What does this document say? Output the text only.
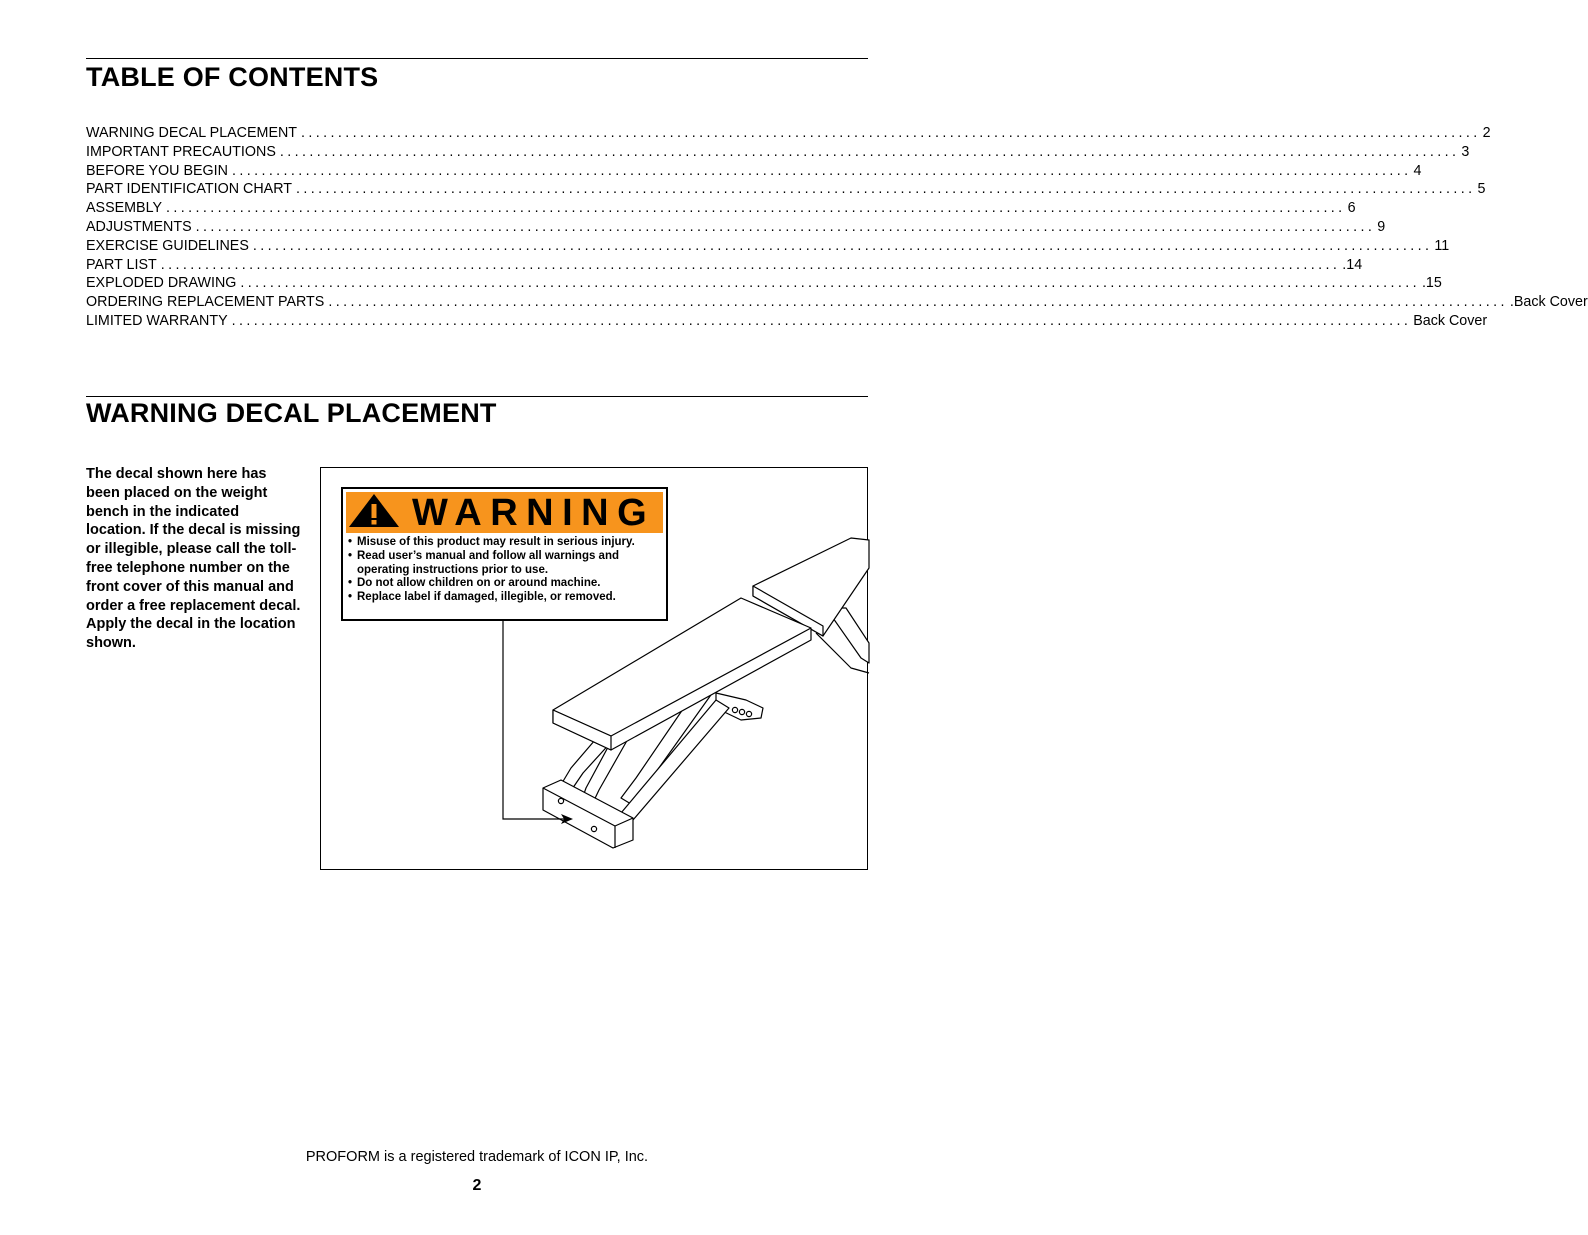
TABLE OF CONTENTS
WARNING DECAL PLACEMENT ................................................................................................................................................................ 2
IMPORTANT PRECAUTIONS ................................................................................................................................................................ 3
BEFORE YOU BEGIN ................................................................................................................................................................ 4
PART IDENTIFICATION CHART ................................................................................................................................................................ 5
ASSEMBLY ................................................................................................................................................................ 6
ADJUSTMENTS ................................................................................................................................................................ 9
EXERCISE GUIDELINES ................................................................................................................................................................ 11
PART LIST ................................................................................................................................................................ .14
EXPLODED DRAWING ................................................................................................................................................................ .15
ORDERING REPLACEMENT PARTS ................................................................................................................................................................ .Back Cover
LIMITED WARRANTY ................................................................................................................................................................ Back Cover
WARNING DECAL PLACEMENT

The decal shown here has been placed on the weight bench in the indicated location. If the decal is missing or illegible, please call the toll-free telephone number on the front cover of this manual and order a free replacement decal. Apply the decal in the location shown.

WARNING
• Misuse of this product may result in serious injury.
• Read user’s manual and follow all warnings and operating instructions prior to use.
• Do not allow children on or around machine.
• Replace label if damaged, illegible, or removed.
PROFORM is a registered trademark of ICON IP, Inc.
2
